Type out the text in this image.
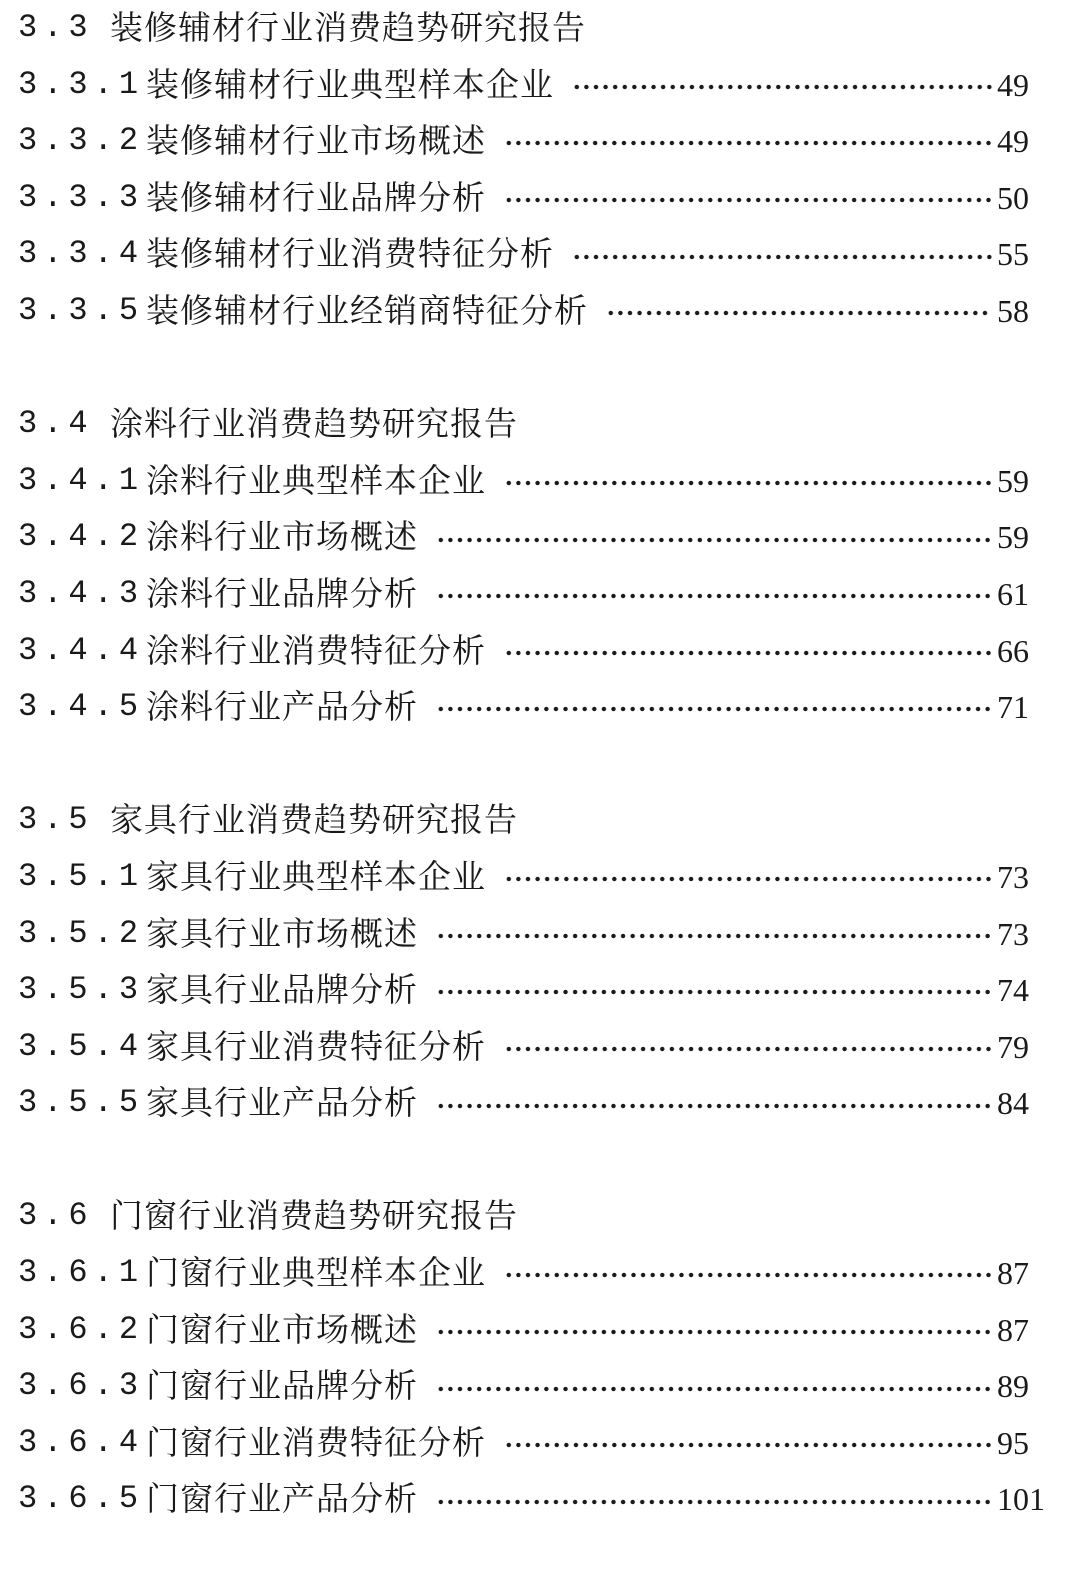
3.3 装修辅材行业消费趋势研究报告
3.3.1 装修辅材行业典型样本企业	49
3.3.2 装修辅材行业市场概述	49
3.3.3 装修辅材行业品牌分析	50
3.3.4 装修辅材行业消费特征分析	55
3.3.5 装修辅材行业经销商特征分析	58
3.4 涂料行业消费趋势研究报告
3.4.1 涂料行业典型样本企业	59
3.4.2 涂料行业市场概述	59
3.4.3 涂料行业品牌分析	61
3.4.4 涂料行业消费特征分析	66
3.4.5 涂料行业产品分析	71
3.5 家具行业消费趋势研究报告
3.5.1 家具行业典型样本企业	73
3.5.2 家具行业市场概述	73
3.5.3 家具行业品牌分析	74
3.5.4 家具行业消费特征分析	79
3.5.5 家具行业产品分析	84
3.6 门窗行业消费趋势研究报告
3.6.1 门窗行业典型样本企业	87
3.6.2 门窗行业市场概述	87
3.6.3 门窗行业品牌分析	89
3.6.4 门窗行业消费特征分析	95
3.6.5 门窗行业产品分析	101
